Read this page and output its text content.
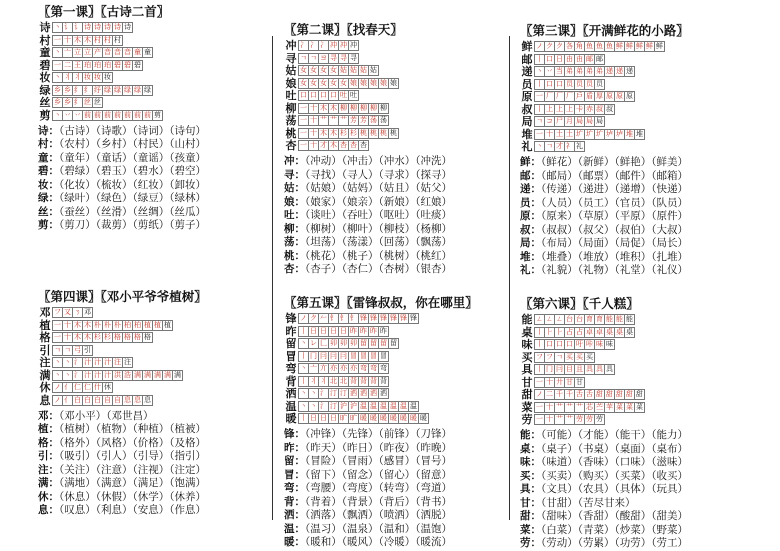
〖第一课〗〖古诗二首〗
诗 丶 讠 讠 诗 诗 诗 诗 诗
村 一 十 木 木 村 村 村
童 丶 亠 立 立 产 音 音 音 童 童
碧 一 二 王 珀 珀 珀 碧 碧 碧
妆 丶 丬 丬 妆 妆 妆
绿 乡 乡 纟 纟 纾 绿 绿 绿 绿 绿
丝 乡 乡 纟 丝 丝
剪 丶 丷 丷 前 前 前 前 前 前 前 剪
诗：（古诗）（诗歌）（诗词）（诗句）
村：（农村）（乡村）（村民）（山村）
童：（童年）（童话）（童谣）（孩童）
碧：（碧绿）（碧玉）（碧水）（碧空）
妆：（化妆）（梳妆）（红妆）（卸妆）
绿：（绿叶）（绿色）（绿豆）（绿林）
丝：（蚕丝）（丝滑）（丝绸）（丝瓜）
剪：（剪刀）（裁剪）（剪纸）（剪子）
〖第二课〗〖找春天〗
冲 冫 冫 冫 冲 冲 冲
寻 ㄱ ㄱ ヨ 寻 寻 寻
姑 女 女 女 女 姑 姑 姑 姑
娘 女 女 女 女 女 娘 娘 娘 娘 娘
吐 口 口 口 口 吐 吐
柳 一 十 木 木 柳 柳 柳 柳 柳
荡 一 十 艹 艹 艹 芳 芳 荡 荡
桃 一 十 木 木 杉 杉 桃 桃 桃 桃
杏 一 十 才 木 杏 杏 杏
冲：（冲动）（冲击）（冲水）（冲洗）
寻：（寻找）（寻人）（寻求）（探寻）
姑：（姑娘）（姑妈）（姑且）（姑父）
娘：（娘家）（娘亲）（新娘）（红娘）
吐：（谈吐）（吞吐）（呕吐）（吐痰）
柳：（柳树）（柳叶）（柳枝）（杨柳）
荡：（坦荡）（荡漾）（回荡）（飘荡）
桃：（桃花）（桃子）（桃树）（桃红）
杏：（杏子）（杏仁）（杏树）（银杏）
〖第三课〗〖开满鲜花的小路〗
鲜 ノ ク ク 各 角 鱼 鱼 鱼 鲜 鲜 鲜 鲜 鲜
邮 丨 口 日 由 由 邮 邮
递 丶 丷 当 弟 弟 弟 弟 递 递 递
员 丨 口 口 员 员 员 员
原 一 厂 厂 厂 戶 盾 厚 原 原 原
叔 丨 上 上 上 卡 赤 叔 叔
局 ㄱ コ 尸 月 局 局 局
堆 一 十 土 土 圹 圹 圹 垆 垆 堆 堆
礼 丶 ㄱ 才 礻 礼
鲜：（鲜花）（新鲜）（鲜艳）（鲜美）
邮：（邮局）（邮票）（邮件）（邮箱）
递：（传递）（递进）（递增）（快递）
员：（人员）（员工）（官员）（队员）
原：（原来）（草原）（平原）（原件）
叔：（叔叔）（叔父）（叔伯）（大叔）
局：（布局）（局面）（局促）（局长）
堆：（堆叠）（堆放）（堆积）（扎堆）
礼：（礼貌）（礼物）（礼堂）（礼仪）
〖第四课〗〖邓小平爷爷植树〗
邓 フ 又 ㄋ 邓
植 一 十 木 木 朴 朴 朴 柏 柏 植 植 植
格 一 十 木 木 杉 杉 格 格 格 格
引 ㄱ ㄱ 弓 引
注 丶 丶 氵 汁 汁 汁 注 注
满 丶 丶 氵 汁 汁 汁 洪 浩 满 满 满 满 满
休 ノ 亻 仁 仁 什 休
息 ノ 亻 白 白 白 自 自 息 息 息
邓：（邓小平）（邓世昌）
植：（植树）（植物）（种植）（植被）
格：（格外）（风格）（价格）（及格）
引：（吸引）（引人）（引导）（指引）
注：（关注）（注意）（注视）（注定）
满：（满地）（满意）（满足）（饱满）
休：（休息）（休假）（休学）（休养）
息：（叹息）（利息）（安息）（作息）
〖第五课〗〖雷锋叔叔，你在哪里〗
锋 ノ ク 𠂉 钅 钅 钅 锋 锋 锋 锋 锋 锋
昨 丨 日 日 日 日 昨 昨 昨 昨
留 丶 レ 匚 卯 卯 卯 留 留 留 留
冒 丨 冂 冃 冃 冃 冒 冒 冒 冒
弯 丶 亠 亣 亦 亦 亦 弯 弯 弯
背 丨 丬 丬 北 北 背 背 背 背
洒 丶 丶 氵 汀 汀 洒 洒 洒 洒
温 丶 丶 氵 汀 沪 沪 温 温 温 温 温 温
暖 丨 日 日 日 旷 旷 暖 暖 暖 暖 暖 暖 暖
锋：（冲锋）（先锋）（前锋）（刀锋）
昨：（昨天）（昨日）（昨夜）（昨晚）
留：（冒险）（冒雨）（感冒）（冒号）
冒：（留下）（留念）（留心）（留意）
弯：（弯腰）（弯度）（转弯）（弯道）
背：（背着）（背景）（背后）（背书）
洒：（洒落）（飘洒）（喷洒）（洒脱）
温：（温习）（温泉）（温和）（温饱）
暖：（暖和）（暖风）（冷暖）（暖流）
〖第六课〗〖千人糕〗
能 ㄥ ㄥ ㄥ 台 台 育 育 能 能 能
桌 丨 ⺊ ⺊ 占 占 卓 卓 桌 桌 桌
味 丨 口 口 口 吁 咔 味 味
买 フ フ ㄱ 买 买 买
具 丨 冂 冃 目 且 具 具 具
甘 一 十 廾 甘 甘
甜 ノ 二 千 千 舌 舌 甜 甜 甜 甜 甜
菜 一 十 艹 艹 艹 芯 苎 苹 菜 菜 菜
劳 一 十 艹 艹 劳 劳 劳
能：（可能）（才能）（能干）（能力）
桌：（桌子）（书桌）（桌面）（桌布）
味：（味道）（香味）（口味）（滋味）
买：（买卖）（购买）（买菜）（收买）
具：（文具）（农具）（具体）（玩具）
甘：（甘甜）（苦尽甘来）
甜：（甜味）（香甜）（酸甜）（甜美）
菜：（白菜）（青菜）（炒菜）（野菜）
劳：（劳动）（劳累）（功劳）（劳工）
